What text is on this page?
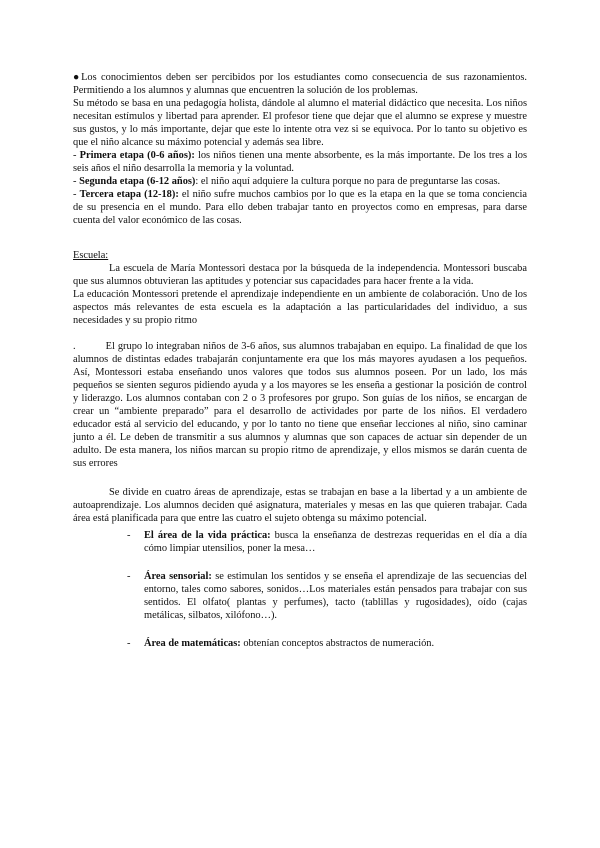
●Los conocimientos deben ser percibidos por los estudiantes como consecuencia de sus razonamientos. Permitiendo a los alumnos y alumnas que encuentren la solución de los problemas.

Su método se basa en una pedagogía holista, dándole al alumno el material didáctico que necesita. Los niños necesitan estímulos y libertad para aprender. El profesor tiene que dejar que el alumno se exprese y muestre sus gustos, y lo más importante, dejar que este lo intente otra vez si se equivoca. Por lo tanto su objetivo es que el niño alcance su máximo potencial y además sea libre.

- Primera etapa (0-6 años): los niños tienen una mente absorbente, es la más importante. De los tres a los seis años el niño desarrolla la memoria y la voluntad.

- Segunda etapa (6-12 años): el niño aquí adquiere la cultura porque no para de preguntarse las cosas.

- Tercera etapa (12-18): el niño sufre muchos cambios por lo que es la etapa en la que se toma conciencia de su presencia en el mundo. Para ello deben trabajar tanto en proyectos como en empresas, para darse cuenta del valor económico de las cosas.

Escuela:

La escuela de María Montessori destaca por la búsqueda de la independencia. Montessori buscaba que sus alumnos obtuvieran las aptitudes y potenciar sus capacidades para hacer frente a la vida.

La educación Montessori pretende el aprendizaje independiente en un ambiente de colaboración. Uno de los aspectos más relevantes de esta escuela es la adaptación a las particularidades del individuo, a sus necesidades y su propio ritmo

.	El grupo lo integraban niños de 3-6 años, sus alumnos trabajaban en equipo. La finalidad de que los alumnos de distintas edades trabajarán conjuntamente era que los más mayores ayudasen a los pequeños. Así, Montessori estaba enseñando unos valores que todos sus alumnos poseen. Por un lado, los más pequeños se sienten seguros pidiendo ayuda y a los mayores se les enseña a gestionar la posición de control y liderazgo. Los alumnos contaban con 2 o 3 profesores por grupo. Son guías de los niños, se encargan de crear un “ambiente preparado” para el desarrollo de actividades por parte de los niños. El verdadero educador está al servicio del educando, y por lo tanto no tiene que enseñar lecciones al niño, sino caminar junto a él. Le deben de transmitir a sus alumnos y alumnas que son capaces de actuar sin depender de un adulto. De esta manera, los niños marcan su propio ritmo de aprendizaje, y ellos mismos se darán cuenta de sus errores

Se divide en cuatro áreas de aprendizaje, estas se trabajan en base a la libertad y a un ambiente de autoaprendizaje. Los alumnos deciden qué asignatura, materiales y mesas en las que quieren trabajar. Cada área está planificada para que entre las cuatro el sujeto obtenga su máximo potencial.

- El área de la vida práctica: busca la enseñanza de destrezas requeridas en el día a día cómo limpiar utensilios, poner la mesa…

- Área sensorial: se estimulan los sentidos y se enseña el aprendizaje de las secuencias del entorno, tales como sabores, sonidos…Los materiales están pensados para trabajar con sus sentidos. El olfato( plantas y perfumes), tacto (tablillas y rugosidades), oído (cajas metálicas, silbatos, xilófono…).

- Área de matemáticas: obtenían conceptos abstractos de numeración.
